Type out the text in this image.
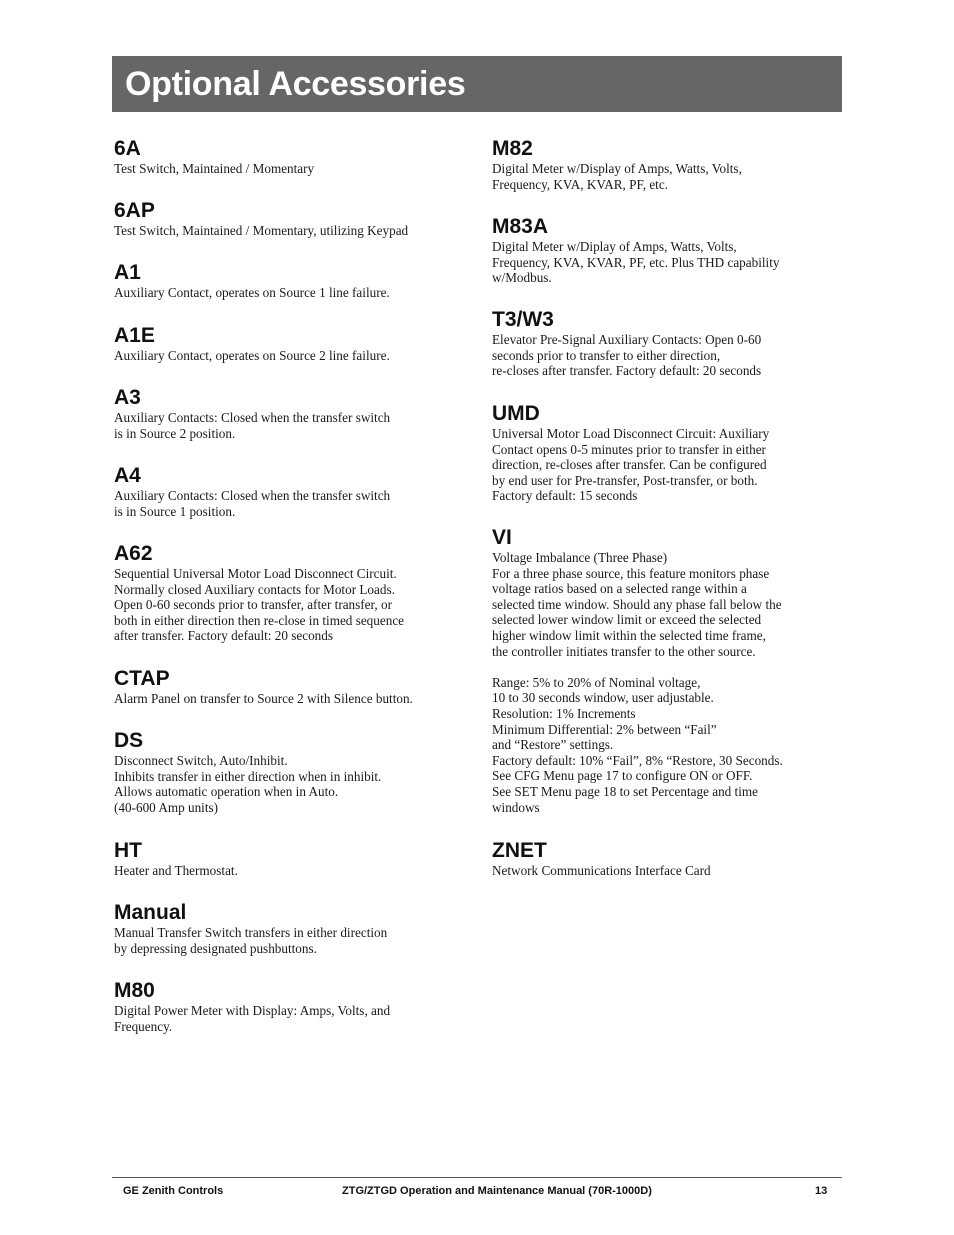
Optional Accessories
6A

Test Switch, Maintained / Momentary

6AP

Test Switch, Maintained / Momentary, utilizing Keypad

A1

Auxiliary Contact, operates on Source 1 line failure.

A1E

Auxiliary Contact, operates on Source 2 line failure.

A3

Auxiliary Contacts: Closed when the transfer switch
is in Source 2 position.

A4

Auxiliary Contacts: Closed when the transfer switch
is in Source 1 position.

A62

Sequential Universal Motor Load Disconnect Circuit.
Normally closed Auxiliary contacts for Motor Loads.
Open 0-60 seconds prior to transfer, after transfer, or
both in either direction then re-close in timed sequence
after transfer. Factory default: 20 seconds

CTAP

Alarm Panel on transfer to Source 2 with Silence button.

DS

Disconnect Switch, Auto/Inhibit.
Inhibits transfer in either direction when in inhibit.
Allows automatic operation when in Auto.
(40-600 Amp units)

HT

Heater and Thermostat.

Manual

Manual Transfer Switch transfers in either direction
by depressing designated pushbuttons.

M80

Digital Power Meter with Display: Amps, Volts, and
Frequency.

M82

Digital Meter w/Display of Amps, Watts, Volts,
Frequency, KVA, KVAR, PF, etc.

M83A

Digital Meter w/Diplay of Amps, Watts, Volts,
Frequency, KVA, KVAR, PF, etc. Plus THD capability
w/Modbus.

T3/W3

Elevator Pre-Signal Auxiliary Contacts: Open 0-60
seconds prior to transfer to either direction,
re-closes after transfer. Factory default: 20 seconds

UMD

Universal Motor Load Disconnect Circuit: Auxiliary
Contact opens 0-5 minutes prior to transfer in either
direction, re-closes after transfer. Can be configured
by end user for Pre-transfer, Post-transfer, or both.
Factory default: 15 seconds

VI

Voltage Imbalance (Three Phase)
For a three phase source, this feature monitors phase
voltage ratios based on a selected range within a
selected time window. Should any phase fall below the
selected lower window limit or exceed the selected
higher window limit within the selected time frame,
the controller initiates transfer to the other source.

Range: 5% to 20% of Nominal voltage,
10 to 30 seconds window, user adjustable.
Resolution: 1% Increments
Minimum Differential: 2% between “Fail”
and “Restore” settings.
Factory default: 10% “Fail”, 8% “Restore, 30 Seconds.
See CFG Menu page 17 to configure ON or OFF.
See SET Menu page 18 to set Percentage and time
windows

ZNET

Network Communications Interface Card

GE Zenith Controls	ZTG/ZTGD Operation and Maintenance Manual (70R-1000D)	13
